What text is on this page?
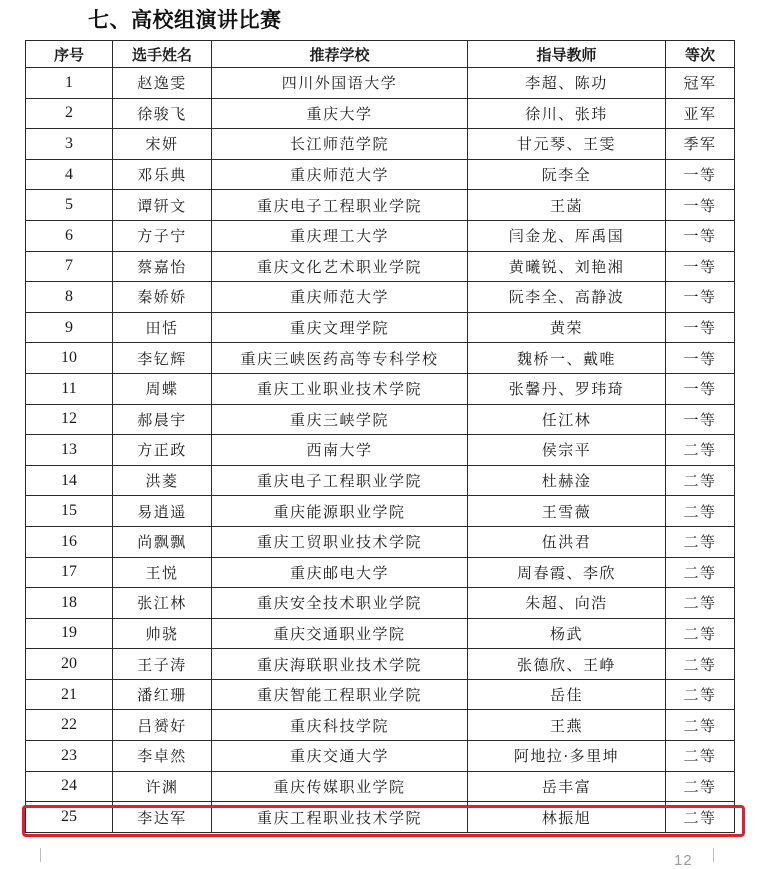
七、高校组演讲比赛
序号	选手姓名	推荐学校	指导教师	等次
1	赵逸雯	四川外国语大学	李超、陈功	冠军
2	徐骏飞	重庆大学	徐川、张玮	亚军
3	宋妍	长江师范学院	甘元琴、王雯	季军
4	邓乐典	重庆师范大学	阮李全	一等
5	谭钘文	重庆电子工程职业学院	王菡	一等
6	方子宁	重庆理工大学	闫金龙、厍禹国	一等
7	蔡嘉怡	重庆文化艺术职业学院	黄曦锐、刘艳湘	一等
8	秦娇娇	重庆师范大学	阮李全、高静波	一等
9	田恬	重庆文理学院	黄荣	一等
10	李钇辉	重庆三峡医药高等专科学校	魏桥一、戴唯	一等
11	周蝶	重庆工业职业技术学院	张馨丹、罗玮琦	一等
12	郝晨宇	重庆三峡学院	任江林	一等
13	方正政	西南大学	侯宗平	二等
14	洪菱	重庆电子工程职业学院	杜赫淦	二等
15	易逍遥	重庆能源职业学院	王雪薇	二等
16	尚飘飘	重庆工贸职业技术学院	伍洪君	二等
17	王悦	重庆邮电大学	周春霞、李欣	二等
18	张江林	重庆安全技术职业学院	朱超、向浩	二等
19	帅骁	重庆交通职业学院	杨武	二等
20	王子涛	重庆海联职业技术学院	张德欣、王峥	二等
21	潘红珊	重庆智能工程职业学院	岳佳	二等
22	吕赟好	重庆科技学院	王燕	二等
23	李卓然	重庆交通大学	阿地拉·多里坤	二等
24	许渊	重庆传媒职业学院	岳丰富	二等
25	李达军	重庆工程职业技术学院	林振旭	二等
12
